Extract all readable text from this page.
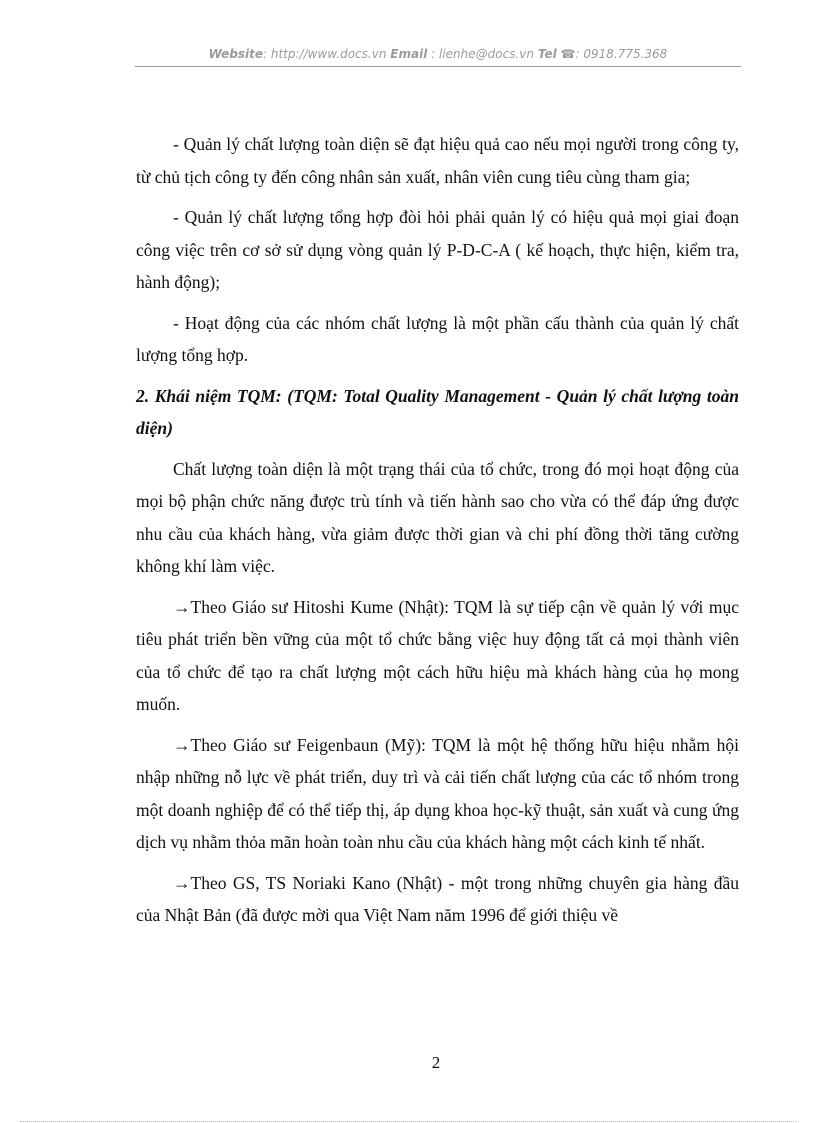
Website: http://www.docs.vn Email : lienhe@docs.vn Tel ☎: 0918.775.368

- Quản lý chất lượng toàn diện sẽ đạt hiệu quả cao nếu mọi người trong công ty, từ chủ tịch công ty đến công nhân sản xuất, nhân viên cung tiêu cùng tham gia;

- Quản lý chất lượng tổng hợp đòi hỏi phải quản lý có hiệu quả mọi giai đoạn công việc trên cơ sở sử dụng vòng quản lý P-D-C-A ( kế hoạch, thực hiện, kiểm tra, hành động);

- Hoạt động của các nhóm chất lượng là một phần cấu thành của quản lý chất lượng tổng hợp.

2. Khái niệm TQM: (TQM: Total Quality Management - Quản lý chất lượng toàn diện)

Chất lượng toàn diện là một trạng thái của tổ chức, trong đó mọi hoạt động của mọi bộ phận chức năng được trù tính và tiến hành sao cho vừa có thể đáp ứng được nhu cầu của khách hàng, vừa giảm được thời gian và chi phí đồng thời tăng cường không khí làm việc.

→Theo Giáo sư Hitoshi Kume (Nhật): TQM là sự tiếp cận về quản lý với mục tiêu phát triển bền vững của một tổ chức bằng việc huy động tất cả mọi thành viên của tổ chức để tạo ra chất lượng một cách hữu hiệu mà khách hàng của họ mong muốn.

→Theo Giáo sư Feigenbaun (Mỹ): TQM là một hệ thống hữu hiệu nhằm hội nhập những nỗ lực về phát triển, duy trì và cải tiến chất lượng của các tổ nhóm trong một doanh nghiệp để có thể tiếp thị, áp dụng khoa học-kỹ thuật, sản xuất và cung ứng dịch vụ nhằm thỏa mãn hoàn toàn nhu cầu của khách hàng một cách kinh tế nhất.

→Theo GS, TS Noriaki Kano (Nhật) - một trong những chuyên gia hàng đầu của Nhật Bản (đã được mời qua Việt Nam năm 1996 để giới thiệu về

2
